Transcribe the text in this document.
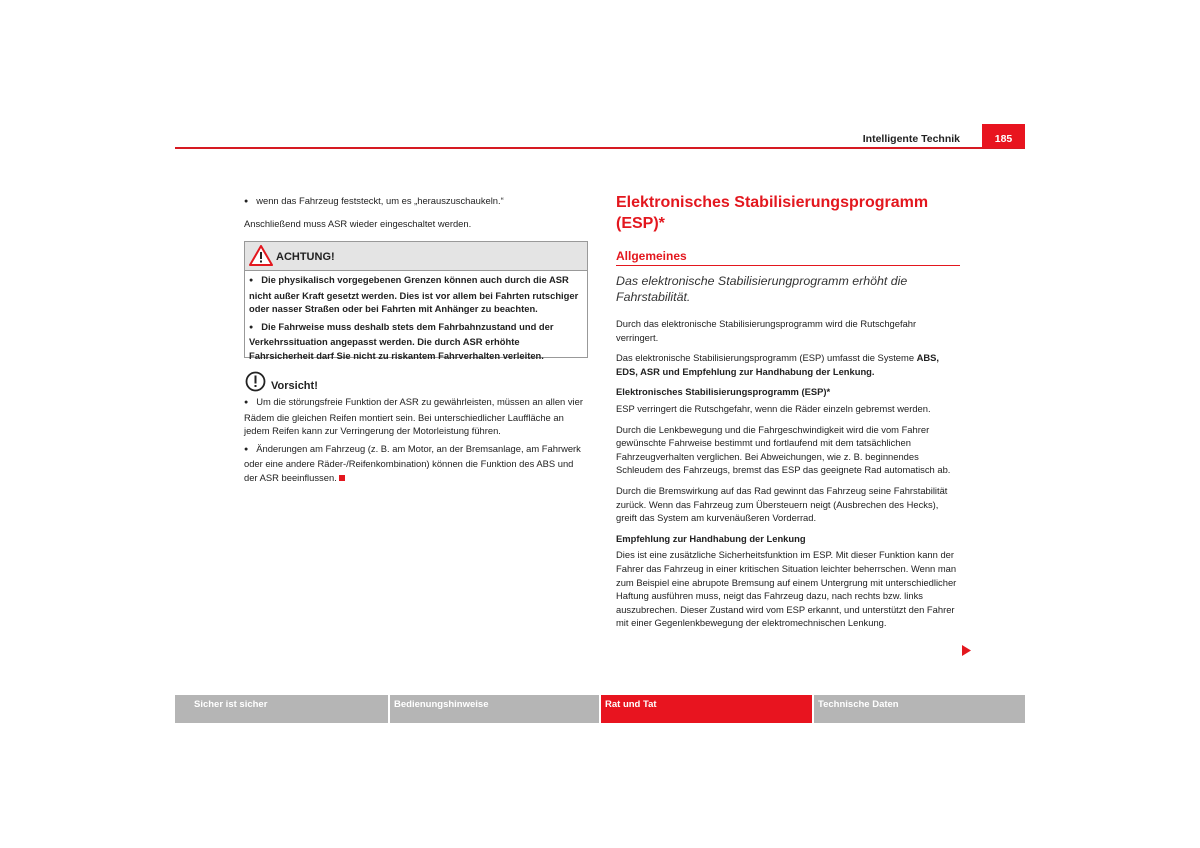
Intelligente Technik	185

● wenn das Fahrzeug feststeckt, um es „herauszuschaukeln.“

Anschließend muss ASR wieder eingeschaltet werden.

ACHTUNG!

● Die physikalisch vorgegebenen Grenzen können auch durch die ASR nicht außer Kraft gesetzt werden. Dies ist vor allem bei Fahrten rutschiger oder nasser Straßen oder bei Fahrten mit Anhänger zu beachten.

● Die Fahrweise muss deshalb stets dem Fahrbahnzustand und der Verkehrssituation angepasst werden. Die durch ASR erhöhte Fahrsicherheit darf Sie nicht zu riskantem Fahrverhalten verleiten.

Vorsicht!

● Um die störungsfreie Funktion der ASR zu gewährleisten, müssen an allen vier Rädem die gleichen Reifen montiert sein. Bei unterschiedlicher Lauffläche an jedem Reifen kann zur Verringerung der Motorleistung führen.

● Änderungen am Fahrzeug (z. B. am Motor, an der Bremsanlage, am Fahrwerk oder eine andere Räder-/Reifenkombination) können die Funktion des ABS und der ASR beeinflussen.

Elektronisches Stabilisierungsprogramm (ESP)*
Allgemeines

Das elektronische Stabilisierungprogramm erhöht die Fahrstabilität.

Durch das elektronische Stabilisierungsprogramm wird die Rutschgefahr verringert.

Das elektronische Stabilisierungsprogramm (ESP) umfasst die Systeme ABS, EDS, ASR und Empfehlung zur Handhabung der Lenkung.

Elektronisches Stabilisierungsprogramm (ESP)*

ESP verringert die Rutschgefahr, wenn die Räder einzeln gebremst werden.

Durch die Lenkbewegung und die Fahrgeschwindigkeit wird die vom Fahrer gewünschte Fahrweise bestimmt und fortlaufend mit dem tatsächlichen Fahrzeugverhalten verglichen. Bei Abweichungen, wie z. B. beginnendes Schleudem des Fahrzeugs, bremst das ESP das geeignete Rad automatisch ab.

Durch die Bremswirkung auf das Rad gewinnt das Fahrzeug seine Fahrstabilität zurück. Wenn das Fahrzeug zum Übersteuern neigt (Ausbrechen des Hecks), greift das System am kurvenäußeren Vorderrad.

Empfehlung zur Handhabung der Lenkung

Dies ist eine zusätzliche Sicherheitsfunktion im ESP. Mit dieser Funktion kann der Fahrer das Fahrzeug in einer kritischen Situation leichter beherrschen. Wenn man zum Beispiel eine abrupote Bremsung auf einem Untergrung mit unterschiedlicher Haftung ausführen muss, neigt das Fahrzeug dazu, nach rechts bzw. links auszubrechen. Dieser Zustand wird vom ESP erkannt, und unterstützt den Fahrer mit einer Gegenlenkbewegung der elektromechnischen Lenkung.

Sicher ist sicher	Bedienungshinweise	Rat und Tat	Technische Daten
